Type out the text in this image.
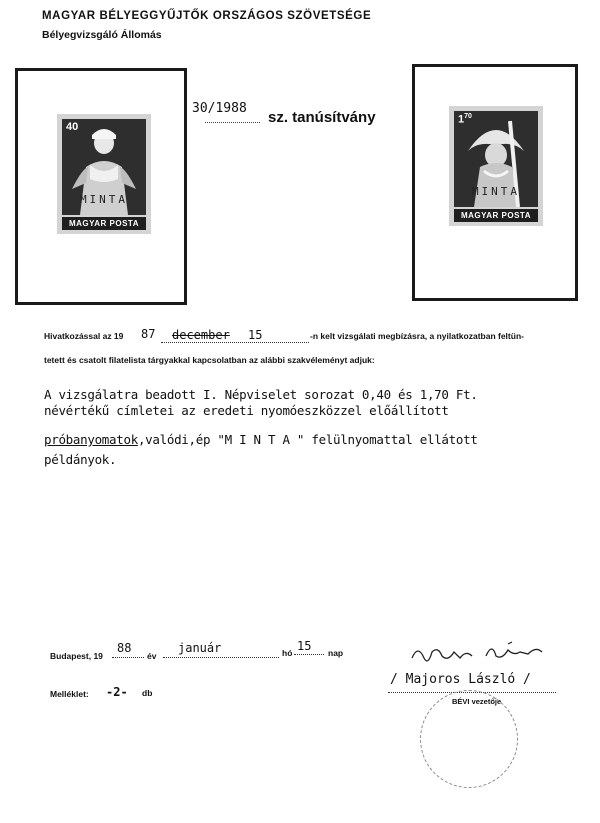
MAGYAR BÉLYEGGYŰJTŐK ORSZÁGOS SZÖVETSÉGE
Bélyegvizsgáló Állomás
40
MINTA
MAGYAR POSTA
$1^{70}$
MINTA
MAGYAR POSTA
30/1988
sz. tanúsítvány
Hivatkozással az 19 87 december 15	-n kelt vizsgálati megbízásra, a nyilatkozatban feltün-
tetett és csatolt filatelista tárgyakkal kapcsolatban az alábbi szakvéleményt adjuk:
A vizsgálatra beadott I. Népviselet sorozat 0,40 és 1,70 Ft.
névértékű címletei az eredeti nyomóeszközzel előállított
próbanyomatok,valódi,ép "M I N T A " felülnyomattal ellátott
példányok.
Budapest, 19
88
év
január	hó 15 nap
Melléklet: -2- db
/ Majoros László /
BÉVI vezetője
